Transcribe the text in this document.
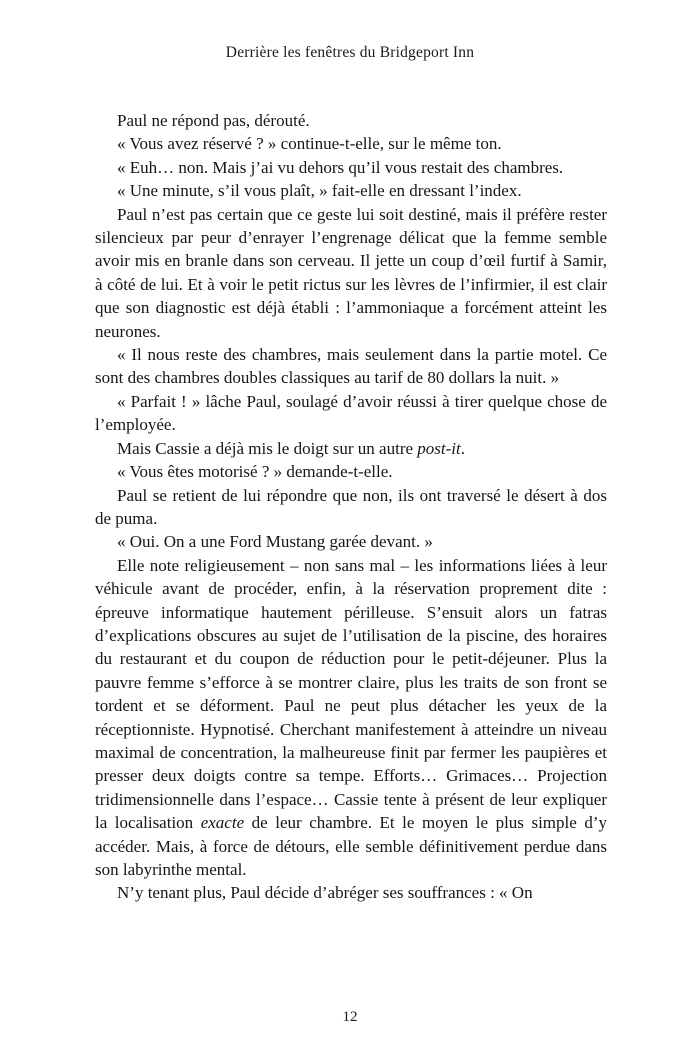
Derrière les fenêtres du Bridgeport Inn

Paul ne répond pas, dérouté.

« Vous avez réservé ? » continue-t-elle, sur le même ton.

« Euh… non. Mais j’ai vu dehors qu’il vous restait des chambres.

« Une minute, s’il vous plaît, » fait-elle en dressant l’index.

Paul n’est pas certain que ce geste lui soit destiné, mais il préfère rester silencieux par peur d’enrayer l’engrenage délicat que la femme semble avoir mis en branle dans son cerveau. Il jette un coup d’œil furtif à Samir, à côté de lui. Et à voir le petit rictus sur les lèvres de l’infirmier, il est clair que son diagnostic est déjà établi : l’ammoniaque a forcément atteint les neurones.

« Il nous reste des chambres, mais seulement dans la partie motel. Ce sont des chambres doubles classiques au tarif de 80 dollars la nuit. »

« Parfait ! » lâche Paul, soulagé d’avoir réussi à tirer quelque chose de l’employée.

Mais Cassie a déjà mis le doigt sur un autre post-it.

« Vous êtes motorisé ? » demande-t-elle.

Paul se retient de lui répondre que non, ils ont traversé le désert à dos de puma.

« Oui. On a une Ford Mustang garée devant. »

Elle note religieusement – non sans mal – les informations liées à leur véhicule avant de procéder, enfin, à la réservation proprement dite : épreuve informatique hautement périlleuse. S’ensuit alors un fatras d’explications obscures au sujet de l’utilisation de la piscine, des horaires du restaurant et du coupon de réduction pour le petit-déjeuner. Plus la pauvre femme s’efforce à se montrer claire, plus les traits de son front se tordent et se déforment. Paul ne peut plus détacher les yeux de la réceptionniste. Hypnotisé. Cherchant manifestement à atteindre un niveau maximal de concentration, la malheureuse finit par fermer les paupières et presser deux doigts contre sa tempe. Efforts… Grimaces… Projection tridimensionnelle dans l’espace… Cassie tente à présent de leur expliquer la localisation exacte de leur chambre. Et le moyen le plus simple d’y accéder. Mais, à force de détours, elle semble définitivement perdue dans son labyrinthe mental.

N’y tenant plus, Paul décide d’abréger ses souffrances : « On

12
